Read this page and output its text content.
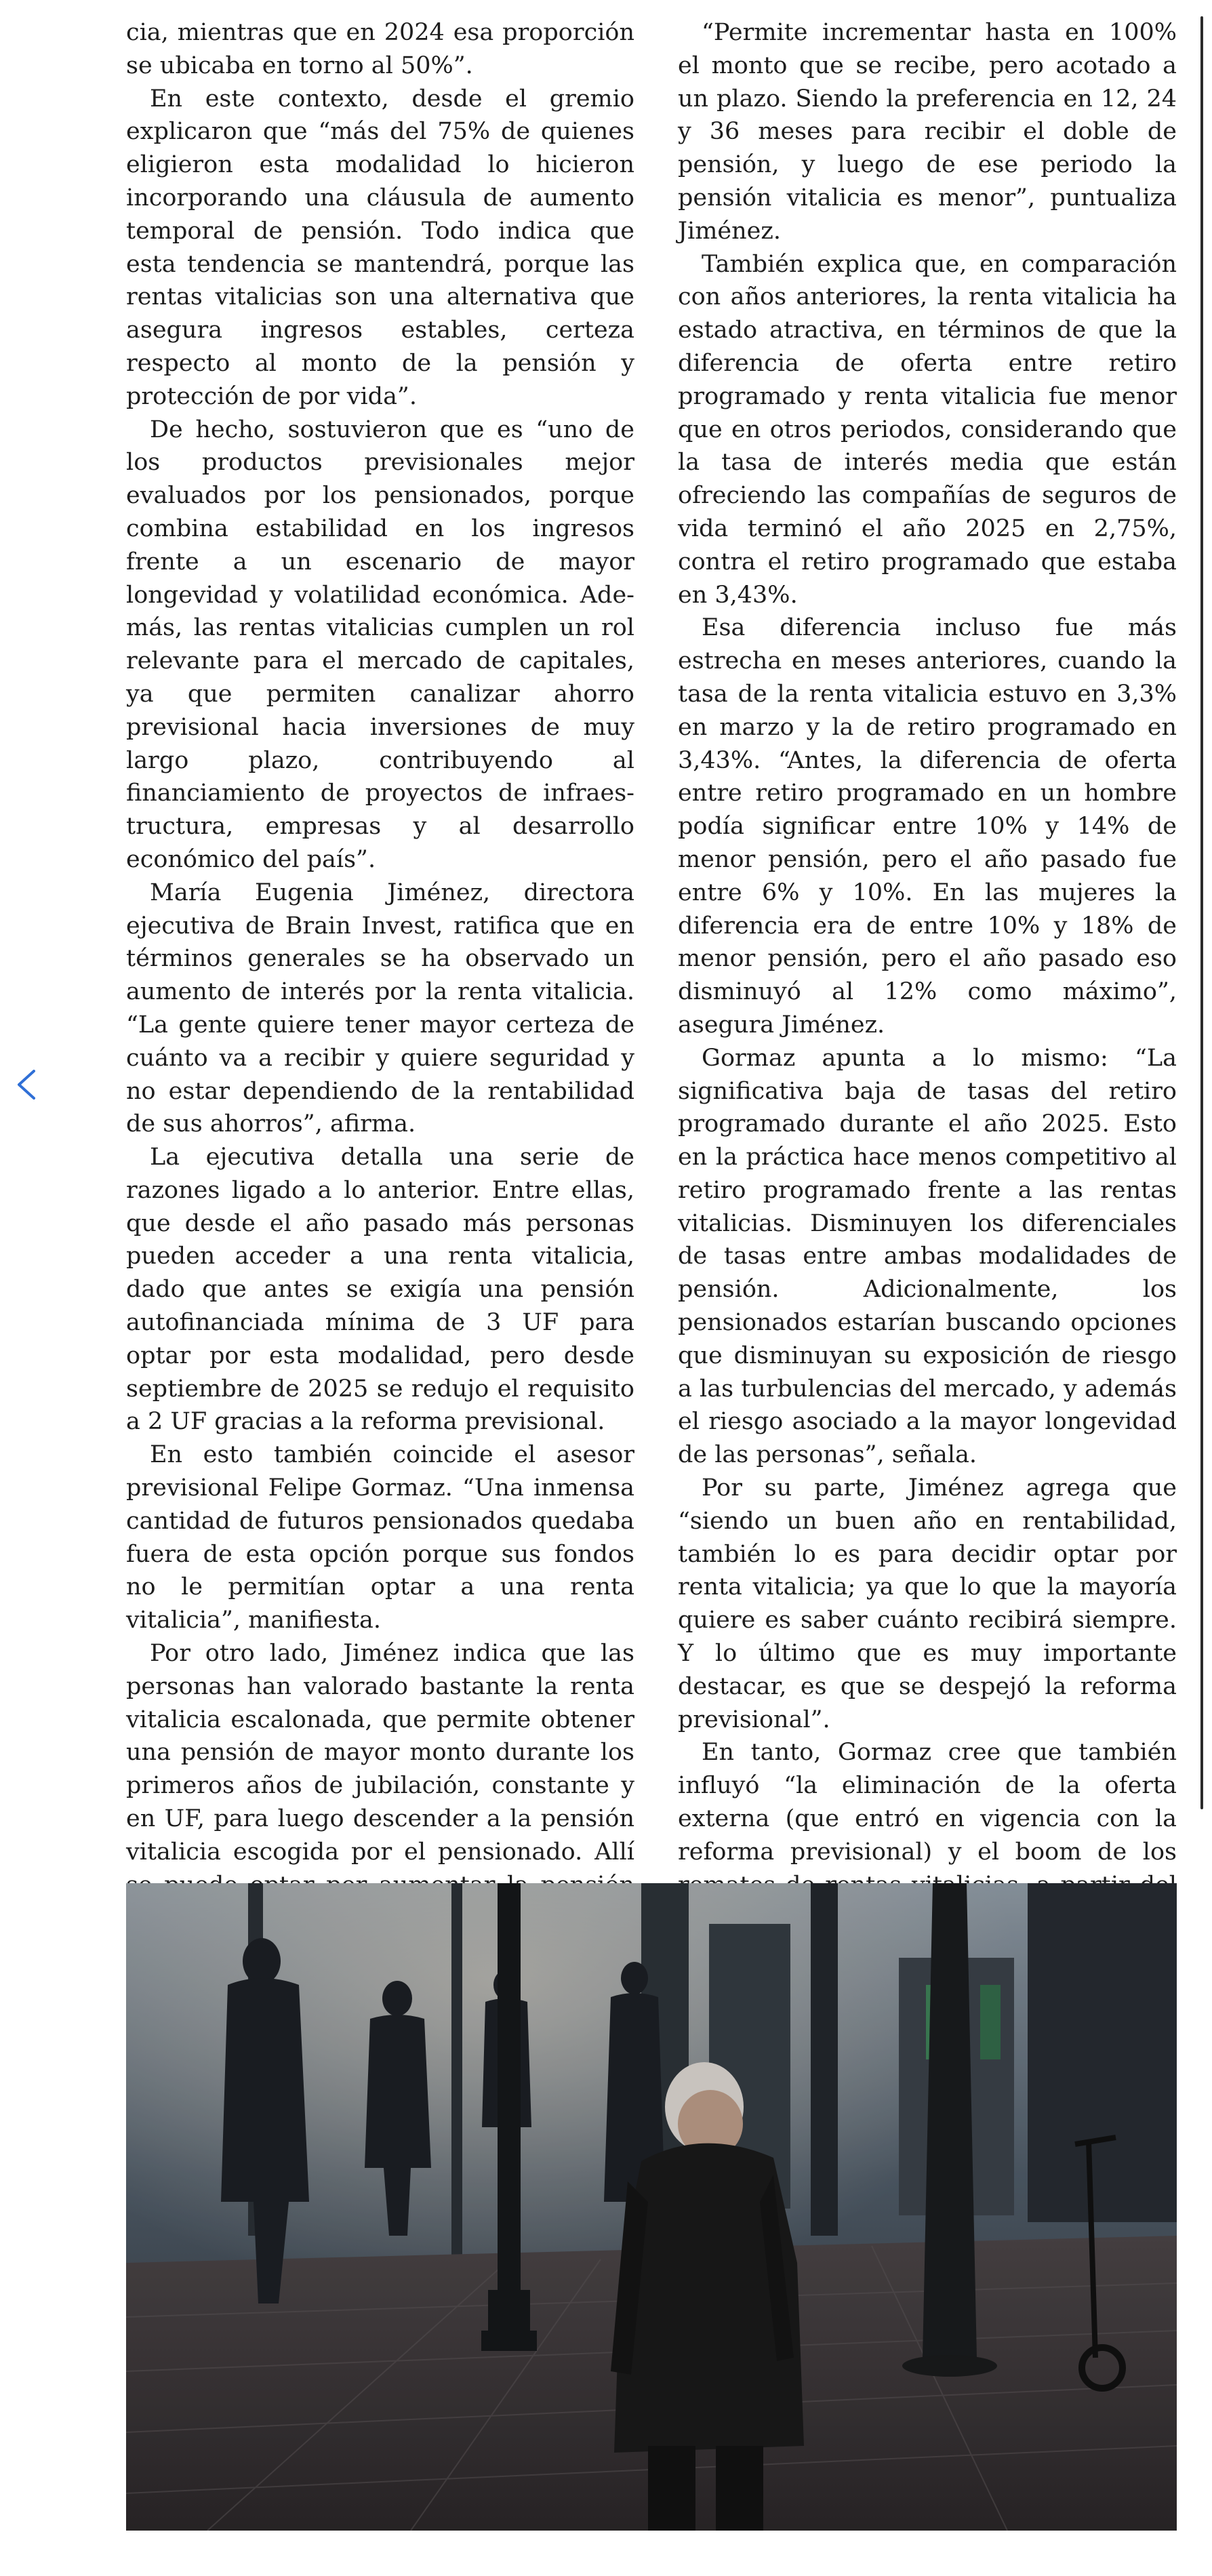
cia, mientras que en 2024 esa proporción se ubicaba en torno al 50%”.

En este contexto, desde el gremio explicaron que “más del 75% de quienes eligieron esta modalidad lo hicieron incorporando una cláusula de aumento temporal de pensión. Todo indica que esta tendencia se mantendrá, porque las rentas vitalicias son una alternativa que asegura ingresos estables, certeza respecto al monto de la pensión y protección de por vida”.

De hecho, sostuvieron que es “uno de los productos previsionales mejor evaluados por los pensionados, porque combina estabilidad en los ingresos frente a un escenario de mayor longevidad y volatilidad económica. Además, las rentas vitalicias cumplen un rol relevante para el mercado de capitales, ya que permiten canalizar ahorro previsional hacia inversiones de muy largo plazo, contribuyendo al financiamiento de proyectos de infraestructura, empresas y al desarrollo económico del país”.

María Eugenia Jiménez, directora ejecutiva de Brain Invest, ratifica que en términos generales se ha observado un aumento de interés por la renta vitalicia. “La gente quiere tener mayor certeza de cuánto va a recibir y quiere seguridad y no estar dependiendo de la rentabilidad de sus ahorros”, afirma.

La ejecutiva detalla una serie de razones ligado a lo anterior. Entre ellas, que desde el año pasado más personas pueden acceder a una renta vitalicia, dado que antes se exigía una pensión autofinanciada mínima de 3 UF para optar por esta modalidad, pero desde septiembre de 2025 se redujo el requisito a 2 UF gracias a la reforma previsional.

En esto también coincide el asesor previsional Felipe Gormaz. “Una inmensa cantidad de futuros pensionados quedaba fuera de esta opción porque sus fondos no le permitían optar a una renta vitalicia”, manifiesta.

Por otro lado, Jiménez indica que las personas han valorado bastante la renta vitalicia escalonada, que permite obtener una pensión de mayor monto durante los primeros años de jubilación, constante y en UF, para luego descender a la pensión vitalicia escogida por el pensionado. Allí

“Permite incrementar hasta en 100% el monto que se recibe, pero acotado a un plazo. Siendo la preferencia en 12, 24 y 36 meses para recibir el doble de pensión, y luego de ese periodo la pensión vitalicia es menor”, puntualiza Jiménez.

También explica que, en comparación con años anteriores, la renta vitalicia ha estado atractiva, en términos de que la diferencia de oferta entre retiro programado y renta vitalicia fue menor que en otros periodos, considerando que la tasa de interés media que están ofreciendo las compañías de seguros de vida terminó el año 2025 en 2,75%, contra el retiro programado que estaba en 3,43%.

Esa diferencia incluso fue más estrecha en meses anteriores, cuando la tasa de la renta vitalicia estuvo en 3,3% en marzo y la de retiro programado en 3,43%. “Antes, la diferencia de oferta entre retiro programado en un hombre podía significar entre 10% y 14% de menor pensión, pero el año pasado fue entre 6% y 10%. En las mujeres la diferencia era de entre 10% y 18% de menor pensión, pero el año pasado eso disminuyó al 12% como máximo”, asegura Jiménez.

Gormaz apunta a lo mismo: “La significativa baja de tasas del retiro programado durante el año 2025. Esto en la práctica hace menos competitivo al retiro programado frente a las rentas vitalicias. Disminuyen los diferenciales de tasas entre ambas modalidades de pensión. Adicionalmente, los pensionados estarían buscando opciones que disminuyan su exposición de riesgo a las turbulencias del mercado, y además el riesgo asociado a la mayor longevidad de las personas”, señala.

Por su parte, Jiménez agrega que “siendo un buen año en rentabilidad, también lo es para decidir optar por renta vitalicia; ya que lo que la mayoría quiere es saber cuánto recibirá siempre. Y lo último que es muy importante destacar, es que se despejó la reforma previsional”.

En tanto, Gormaz cree que también influyó “la eliminación de la oferta externa (que entró en vigencia con la reforma previsional) y el boom de los
